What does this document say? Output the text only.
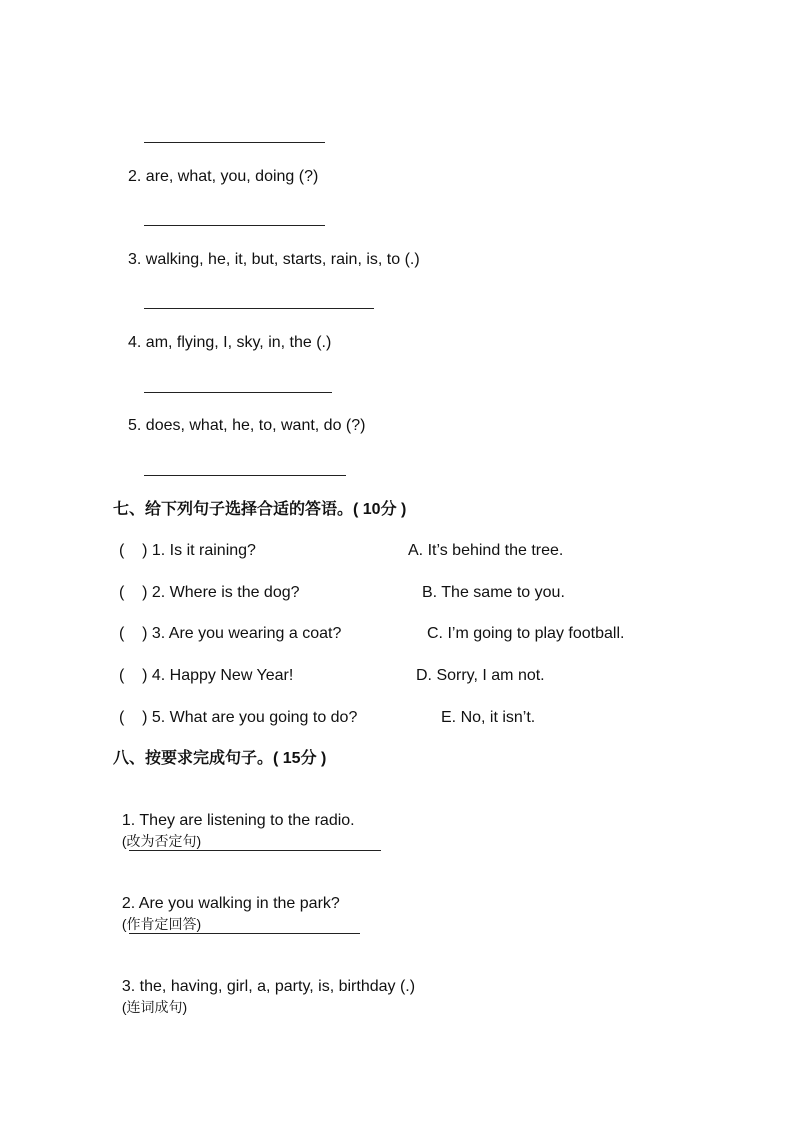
2. are, what, you, doing (?)
3. walking, he, it, but, starts, rain, is, to (.)
4. am, flying, I, sky, in, the (.)
5. does, what, he, to, want, do (?)
七、给下列句子选择合适的答语。( 10分 )
(    ) 1. Is it raining?	A. It’s behind the tree.
(    ) 2. Where is the dog?	B. The same to you.
(    ) 3. Are you wearing a coat?	C. I’m going to play football.
(    ) 4. Happy New Year!	D. Sorry, I am not.
(    ) 5. What are you going to do?	E. No, it isn’t.
八、按要求完成句子。( 15分 )

1. They are listening to the radio.
(改为否定句)

2. Are you walking in the park?
(作肯定回答)

3. the, having, girl, a, party, is, birthday (.)
(连词成句)
